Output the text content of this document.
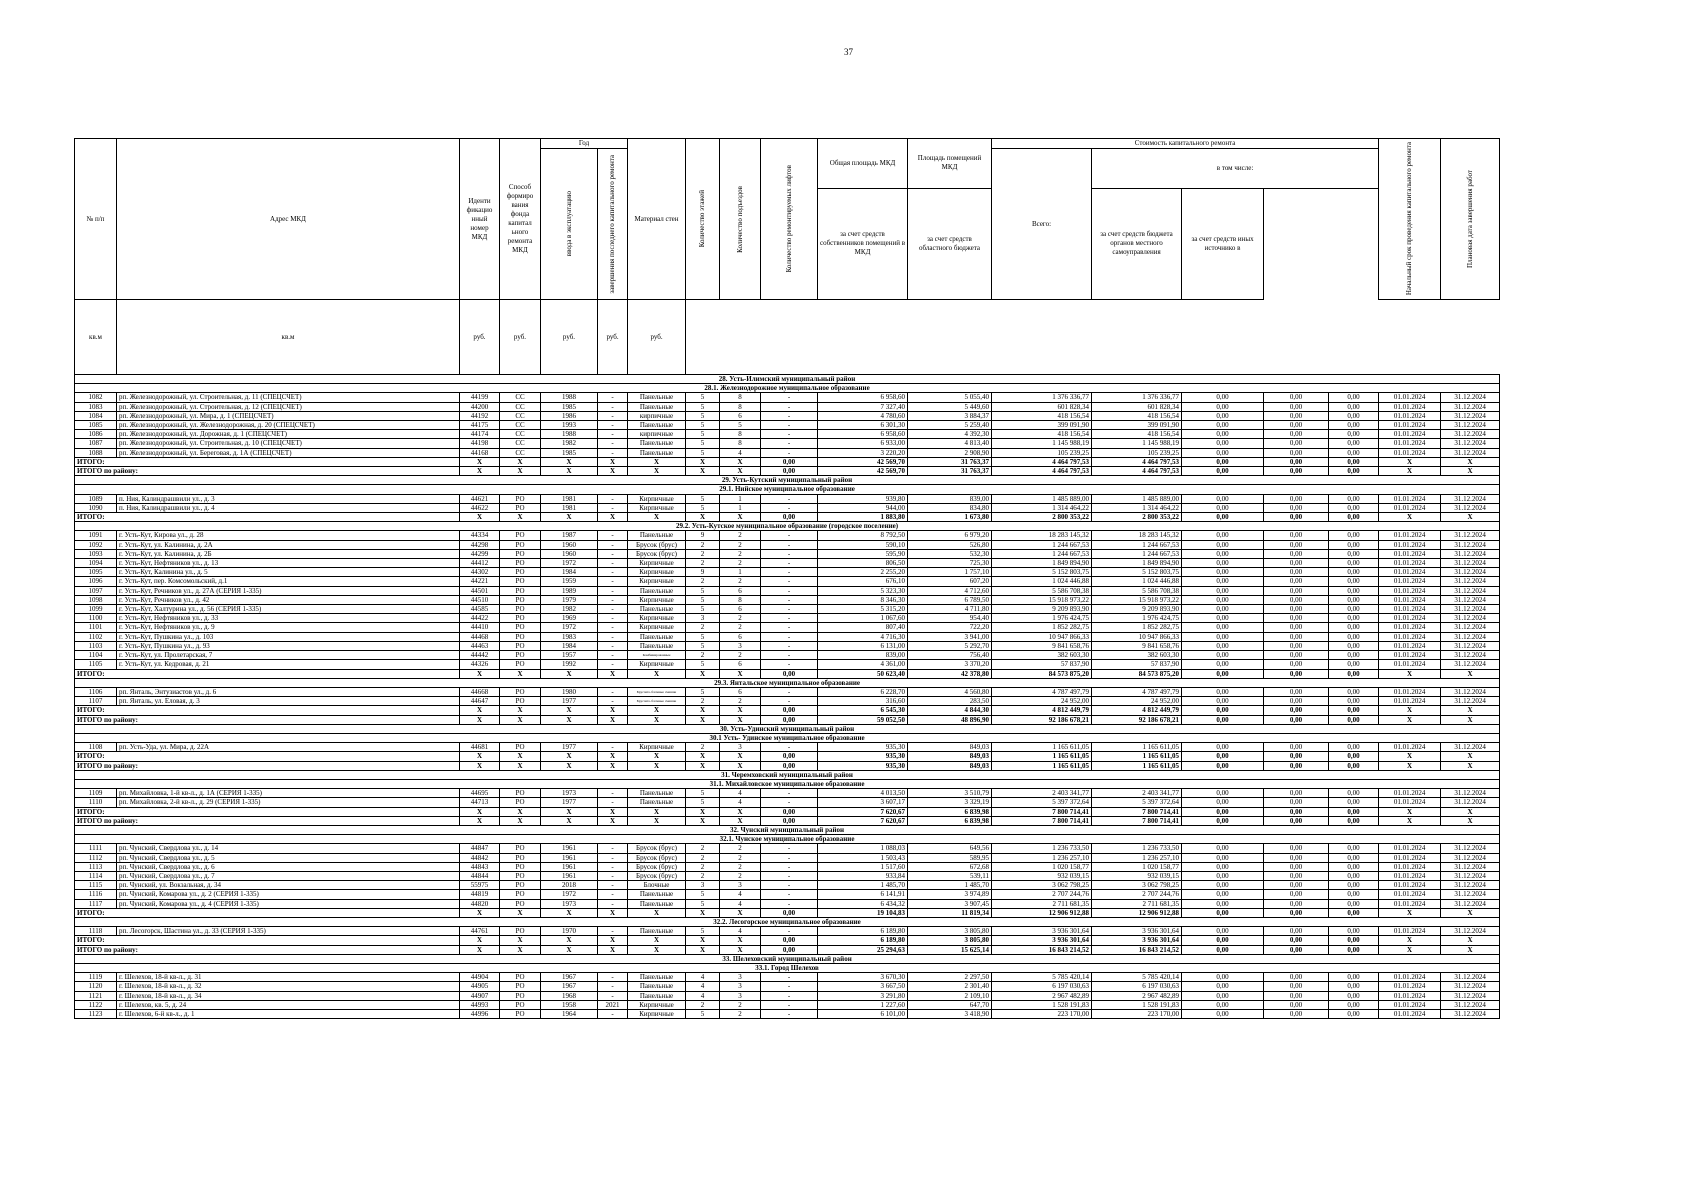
37
№ п/п	Адрес МКД	Иденти фикацио нный номер МКД	Способ формиро вания фонда капитал ьного ремонта МКД	Год		Материал стен	Количество этажей	Количество подъездов	Количество ремонтируемых лифтов	Общая площадь МКД	Площадь помещений МКД	Стоимость капитального ремонта					Начальный срок проведения капитального ремонта	Плановая дата завершения работ

				ввода в эксплуатацию	завершения последнего капитального ремонта							Всего:	в том числе:					
										за счет средств собственников помещений в МКД	за счет средств областного бюджета		за счет средств бюджета органов местного самоуправления	за счет средств иных источнико в				
кв.м	кв.м	руб.	руб.	руб.	руб.	руб.												
28. Усть-Илимский муниципальный район																		
28.1. Железнодорожное муниципальное образование																		
1082	рп. Железнодорожный, ул. Строительная, д. 11 (СПЕЦСЧЕТ)	44199	СС	1988	-	Панельные	5	8	-	6 958,60	5 055,40	1 376 336,77	1 376 336,77	0,00	0,00	0,00	01.01.2024	31.12.2024
1083	рп. Железнодорожный, ул. Строительная, д. 12 (СПЕЦСЧЕТ)	44200	СС	1985	-	Панельные	5	8	-	7 327,40	5 449,60	601 828,34	601 828,34	0,00	0,00	0,00	01.01.2024	31.12.2024
1084	рп. Железнодорожный, ул. Мира, д. 1 (СПЕЦСЧЕТ)	44192	СС	1986	-	кирпичные	5	6	-	4 780,60	3 884,37	418 156,54	418 156,54	0,00	0,00	0,00	01.01.2024	31.12.2024
1085	рп. Железнодорожный, ул. Железнодорожная, д. 20 (СПЕЦСЧЕТ)	44175	СС	1993	-	Панельные	5	5	-	6 301,30	5 259,40	399 091,90	399 091,90	0,00	0,00	0,00	01.01.2024	31.12.2024
1086	рп. Железнодорожный, ул. Дорожная, д. 1 (СПЕЦСЧЕТ)	44174	СС	1988	-	кирпичные	5	8	-	6 958,60	4 392,30	418 156,54	418 156,54	0,00	0,00	0,00	01.01.2024	31.12.2024
1087	рп. Железнодорожный, ул. Строительная, д. 10 (СПЕЦСЧЕТ)	44198	СС	1982	-	Панельные	5	8	-	6 933,00	4 813,40	1 145 988,19	1 145 988,19	0,00	0,00	0,00	01.01.2024	31.12.2024
1088	рп. Железнодорожный, ул. Береговая, д. 1А (СПЕЦСЧЕТ)	44168	СС	1985	-	Панельные	5	4	-	3 220,20	2 908,90	105 239,25	105 239,25	0,00	0,00	0,00	01.01.2024	31.12.2024
ИТОГО:		Х	Х	Х	Х	Х	Х	Х	0,00	42 569,70	31 763,37	4 464 797,53	4 464 797,53	0,00	0,00	0,00	Х	Х
ИТОГО по району:		Х	Х	Х	Х	Х	Х	Х	0,00	42 569,70	31 763,37	4 464 797,53	4 464 797,53	0,00	0,00	0,00	Х	Х
29. Усть-Кутский муниципальный район																		
29.1. Нийское муниципальное образование																		
1089	п. Ния, Калиндрашвили ул., д. 3	44621	РО	1981	-	Кирпичные	5	1	-	939,80	839,00	1 485 889,00	1 485 889,00	0,00	0,00	0,00	01.01.2024	31.12.2024
1090	п. Ния, Калиндрашвили ул., д. 4	44622	РО	1981	-	Кирпичные	5	1	-	944,00	834,80	1 314 464,22	1 314 464,22	0,00	0,00	0,00	01.01.2024	31.12.2024
ИТОГО:		Х	Х	Х	Х	Х	Х	Х	0,00	1 883,80	1 673,80	2 800 353,22	2 800 353,22	0,00	0,00	0,00	Х	Х
29.2. Усть-Кутское муниципальное образование (городское поселение)																		
1091	г. Усть-Кут, Кирова ул., д. 28	44334	РО	1987	-	Панельные	9	2	-	8 792,50	6 979,20	18 283 145,32	18 283 145,32	0,00	0,00	0,00	01.01.2024	31.12.2024
1092	г. Усть-Кут, ул. Калинина, д. 2А	44298	РО	1960	-	Брусок (брус)	2	2	-	590,10	526,80	1 244 667,53	1 244 667,53	0,00	0,00	0,00	01.01.2024	31.12.2024
1093	г. Усть-Кут, ул. Калинина, д. 2Б	44299	РО	1960	-	Брусок (брус)	2	2	-	595,90	532,30	1 244 667,53	1 244 667,53	0,00	0,00	0,00	01.01.2024	31.12.2024
1094	г. Усть-Кут, Нефтяников ул., д. 13	44412	РО	1972	-	Кирпичные	2	2	-	806,50	725,30	1 849 894,90	1 849 894,90	0,00	0,00	0,00	01.01.2024	31.12.2024
1095	г. Усть-Кут, Калинина ул., д. 5	44302	РО	1984	-	Кирпичные	9	1	-	2 255,20	1 757,10	5 152 803,75	5 152 803,75	0,00	0,00	0,00	01.01.2024	31.12.2024
1096	г. Усть-Кут, пер. Комсомольский, д.1	44221	РО	1959	-	Кирпичные	2	2	-	676,10	607,20	1 024 446,88	1 024 446,88	0,00	0,00	0,00	01.01.2024	31.12.2024
1097	г. Усть-Кут, Речников ул., д. 27А (СЕРИЯ 1-335)	44501	РО	1989	-	Панельные	5	6	-	5 323,30	4 712,60	5 586 708,38	5 586 708,38	0,00	0,00	0,00	01.01.2024	31.12.2024
1098	г. Усть-Кут, Речников ул., д. 42	44510	РО	1979	-	Кирпичные	5	8	-	8 346,30	6 789,50	15 918 973,22	15 918 973,22	0,00	0,00	0,00	01.01.2024	31.12.2024
1099	г. Усть-Кут, Халтурина ул., д. 56 (СЕРИЯ 1-335)	44585	РО	1982	-	Панельные	5	6	-	5 315,20	4 711,80	9 209 893,90	9 209 893,90	0,00	0,00	0,00	01.01.2024	31.12.2024
1100	г. Усть-Кут, Нефтяников ул., д. 33	44422	РО	1969	-	Кирпичные	3	2	-	1 067,60	954,40	1 976 424,75	1 976 424,75	0,00	0,00	0,00	01.01.2024	31.12.2024
1101	г. Усть-Кут, Нефтяников ул., д. 9	44410	РО	1972	-	Кирпичные	2	2	-	807,40	722,20	1 852 282,75	1 852 282,75	0,00	0,00	0,00	01.01.2024	31.12.2024
1102	г. Усть-Кут, Пушкина ул., д. 103	44468	РО	1983	-	Панельные	5	6	-	4 716,30	3 941,00	10 947 866,33	10 947 866,33	0,00	0,00	0,00	01.01.2024	31.12.2024
1103	г. Усть-Кут, Пушкина ул., д. 93	44463	РО	1984	-	Панельные	5	3	-	6 131,00	5 292,70	9 841 658,76	9 841 658,76	0,00	0,00	0,00	01.01.2024	31.12.2024
1104	г. Усть-Кут, ул. Пролетарская, 7	44442	РО	1957	-	Комбинированные	2	2	-	839,00	756,40	382 603,30	382 603,30	0,00	0,00	0,00	01.01.2024	31.12.2024
1105	г. Усть-Кут, ул. Кедровая, д. 21	44326	РО	1992	-	Кирпичные	5	6	-	4 361,00	3 370,20	57 837,90	57 837,90	0,00	0,00	0,00	01.01.2024	31.12.2024
ИТОГО:		Х	Х	Х	Х	Х	Х	Х	0,00	50 623,40	42 378,80	84 573 875,20	84 573 875,20	0,00	0,00	0,00	Х	Х
29.3. Янтальское муниципальное образование																		
1106	рп. Янталь, Энтузиастов ул., д. 6	44668	РО	1980	-	Брусчато-блочные смешан	5	6	-	6 228,70	4 560,80	4 787 497,79	4 787 497,79	0,00	0,00	0,00	01.01.2024	31.12.2024
1107	рп. Янталь, ул. Еловая, д. 3	44647	РО	1977	-	Брусчато-блочные смешан	2	2	-	316,60	283,50	24 952,00	24 952,00	0,00	0,00	0,00	01.01.2024	31.12.2024
ИТОГО:		Х	Х	Х	Х	Х	Х	Х	0,00	6 545,30	4 844,30	4 812 449,79	4 812 449,79	0,00	0,00	0,00	Х	Х
ИТОГО по району:		Х	Х	Х	Х	Х	Х	Х	0,00	59 052,50	48 896,90	92 186 678,21	92 186 678,21	0,00	0,00	0,00	Х	Х
30. Усть-Удинский муниципальный район																		
30.1 Усть- Удинское муниципальное образование																		
1108	рп. Усть-Уда, ул. Мира, д. 22А	44681	РО	1977	-	Кирпичные	2	3	-	935,30	849,03	1 165 611,05	1 165 611,05	0,00	0,00	0,00	01.01.2024	31.12.2024
ИТОГО:		Х	Х	Х	Х	Х	Х	Х	0,00	935,30	849,03	1 165 611,05	1 165 611,05	0,00	0,00	0,00	Х	Х
ИТОГО по району:		Х	Х	Х	Х	Х	Х	Х	0,00	935,30	849,03	1 165 611,05	1 165 611,05	0,00	0,00	0,00	Х	Х
31. Черемховский муниципальный район																		
31.1. Михайловское муниципальное образование																		
1109	рп. Михайловка, 1-й кв-л., д. 1А (СЕРИЯ 1-335)	44695	РО	1973	-	Панельные	5	4	-	4 013,50	3 510,79	2 403 341,77	2 403 341,77	0,00	0,00	0,00	01.01.2024	31.12.2024
1110	рп. Михайловка, 2-й кв-л., д. 29 (СЕРИЯ 1-335)	44713	РО	1977	-	Панельные	5	4	-	3 607,17	3 329,19	5 397 372,64	5 397 372,64	0,00	0,00	0,00	01.01.2024	31.12.2024
ИТОГО:		Х	Х	Х	Х	Х	Х	Х	0,00	7 620,67	6 839,98	7 800 714,41	7 800 714,41	0,00	0,00	0,00	Х	Х
ИТОГО по району:		Х	Х	Х	Х	Х	Х	Х	0,00	7 620,67	6 839,98	7 800 714,41	7 800 714,41	0,00	0,00	0,00	Х	Х
32. Чунский муниципальный район																		
32.1. Чунское муниципальное образование																		
1111	рп. Чунский, Свердлова ул., д. 14	44847	РО	1961	-	Брусок (брус)	2	2	-	1 088,03	649,56	1 236 733,50	1 236 733,50	0,00	0,00	0,00	01.01.2024	31.12.2024
1112	рп. Чунский, Свердлова ул., д. 5	44842	РО	1961	-	Брусок (брус)	2	2	-	1 503,43	589,95	1 236 257,10	1 236 257,10	0,00	0,00	0,00	01.01.2024	31.12.2024
1113	рп. Чунский, Свердлова ул., д. 6	44843	РО	1961	-	Брусок (брус)	2	2	-	1 517,60	672,68	1 020 158,77	1 020 158,77	0,00	0,00	0,00	01.01.2024	31.12.2024
1114	рп. Чунский, Свердлова ул., д. 7	44844	РО	1961	-	Брусок (брус)	2	2	-	933,84	539,11	932 039,15	932 039,15	0,00	0,00	0,00	01.01.2024	31.12.2024
1115	рп. Чунский, ул. Вокзальная, д. 34	55975	РО	2018	-	Блочные	3	3	-	1 485,70	1 485,70	3 062 798,25	3 062 798,25	0,00	0,00	0,00	01.01.2024	31.12.2024
1116	рп. Чунский, Комарова ул., д. 2 (СЕРИЯ 1-335)	44819	РО	1972	-	Панельные	5	4	-	6 141,91	3 974,89	2 707 244,76	2 707 244,76	0,00	0,00	0,00	01.01.2024	31.12.2024
1117	рп. Чунский, Комарова ул., д. 4 (СЕРИЯ 1-335)	44820	РО	1973	-	Панельные	5	4	-	6 434,32	3 907,45	2 711 681,35	2 711 681,35	0,00	0,00	0,00	01.01.2024	31.12.2024
ИТОГО:		Х	Х	Х	Х	Х	Х	Х	0,00	19 104,83	11 819,34	12 906 912,88	12 906 912,88	0,00	0,00	0,00	Х	Х
32.2. Лесогорское муниципальное образование																		
1118	рп. Лесогорск, Шастина ул., д. 33 (СЕРИЯ 1-335)	44761	РО	1970	-	Панельные	5	4	-	6 189,80	3 805,80	3 936 301,64	3 936 301,64	0,00	0,00	0,00	01.01.2024	31.12.2024
ИТОГО:		Х	Х	Х	Х	Х	Х	Х	0,00	6 189,80	3 805,80	3 936 301,64	3 936 301,64	0,00	0,00	0,00	Х	Х
ИТОГО по району:		Х	Х	Х	Х	Х	Х	Х	0,00	25 294,63	15 625,14	16 843 214,52	16 843 214,52	0,00	0,00	0,00	Х	Х
33. Шелеховский муниципальный район																		
33.1. Город Шелехов																		
1119	г. Шелехов, 18-й кв-л., д. 31	44904	РО	1967	-	Панельные	4	3	-	3 670,30	2 297,50	5 785 420,14	5 785 420,14	0,00	0,00	0,00	01.01.2024	31.12.2024
1120	г. Шелехов, 18-й кв-л., д. 32	44905	РО	1967	-	Панельные	4	3	-	3 667,50	2 301,40	6 197 030,63	6 197 030,63	0,00	0,00	0,00	01.01.2024	31.12.2024
1121	г. Шелехов, 18-й кв-л., д. 34	44907	РО	1968	-	Панельные	4	3	-	3 291,80	2 109,10	2 967 482,89	2 967 482,89	0,00	0,00	0,00	01.01.2024	31.12.2024
1122	г. Шелехов, кв. 5, д. 24	44993	РО	1958	2021	Кирпичные	2	2	-	1 227,60	647,70	1 528 191,83	1 528 191,83	0,00	0,00	0,00	01.01.2024	31.12.2024
1123	г. Шелехов, 6-й кв-л., д. 1	44996	РО	1964	-	Кирпичные	5	2	-	6 101,00	3 418,90	223 170,00	223 170,00	0,00	0,00	0,00	01.01.2024	31.12.2024
